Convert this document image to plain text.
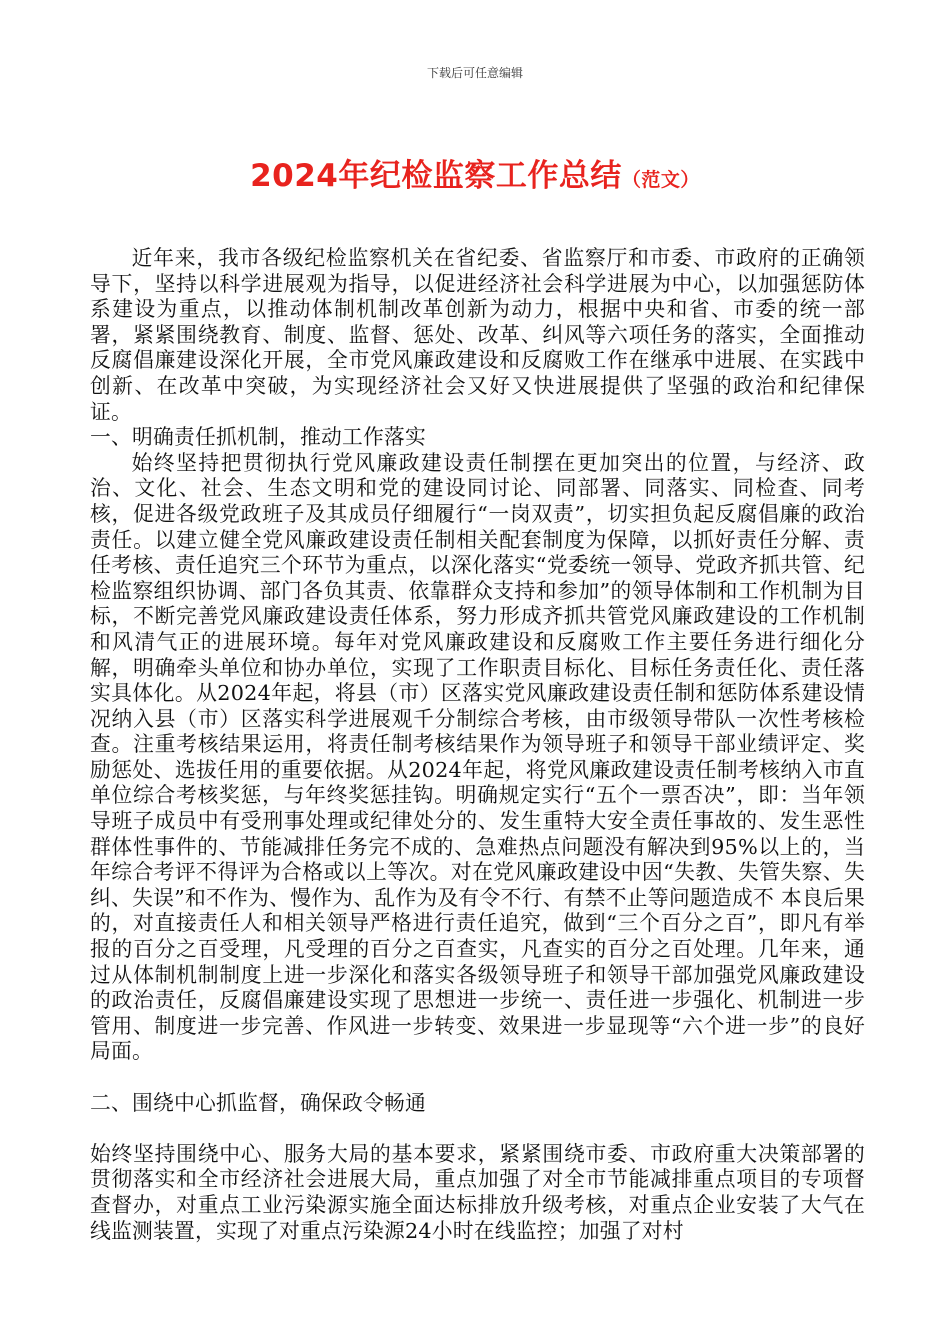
下载后可任意编辑
2024年纪检监察工作总结（范文）

近年来，我市各级纪检监察机关在省纪委、省监察厅和市委、市政府的正确领导下，坚持以科学进展观为指导，以促进经济社会科学进展为中心，以加强惩防体系建设为重点，以推动体制机制改革创新为动力，根据中央和省、市委的统一部署，紧紧围绕教育、制度、监督、惩处、改革、纠风等六项任务的落实，全面推动反腐倡廉建设深化开展，全市党风廉政建设和反腐败工作在继承中进展、在实践中创新、在改革中突破，为实现经济社会又好又快进展提供了坚强的政治和纪律保证。

一、明确责任抓机制，推动工作落实

始终坚持把贯彻执行党风廉政建设责任制摆在更加突出的位置，与经济、政治、文化、社会、生态文明和党的建设同讨论、同部署、同落实、同检查、同考核，促进各级党政班子及其成员仔细履行“一岗双责”，切实担负起反腐倡廉的政治责任。以建立健全党风廉政建设责任制相关配套制度为保障，以抓好责任分解、责任考核、责任追究三个环节为重点，以深化落实“党委统一领导、党政齐抓共管、纪检监察组织协调、部门各负其责、依靠群众支持和参加”的领导体制和工作机制为目标，不断完善党风廉政建设责任体系，努力形成齐抓共管党风廉政建设的工作机制和风清气正的进展环境。每年对党风廉政建设和反腐败工作主要任务进行细化分解，明确牵头单位和协办单位，实现了工作职责目标化、目标任务责任化、责任落实具体化。从2024年起，将县（市）区落实党风廉政建设责任制和惩防体系建设情况纳入县（市）区落实科学进展观千分制综合考核，由市级领导带队一次性考核检查。注重考核结果运用，将责任制考核结果作为领导班子和领导干部业绩评定、奖励惩处、选拔任用的重要依据。从2024年起，将党风廉政建设责任制考核纳入市直单位综合考核奖惩，与年终奖惩挂钩。明确规定实行“五个一票否决”，即：当年领导班子成员中有受刑事处理或纪律处分的、发生重特大安全责任事故的、发生恶性群体性事件的、节能减排任务完不成的、急难热点问题没有解决到95%以上的，当年综合考评不得评为合格或以上等次。对在党风廉政建设中因“失教、失管失察、失纠、失误”和不作为、慢作为、乱作为及有令不行、有禁不止等问题造成不 本良后果的，对直接责任人和相关领导严格进行责任追究，做到“三个百分之百”，即凡有举报的百分之百受理，凡受理的百分之百查实，凡查实的百分之百处理。几年来，通过从体制机制制度上进一步深化和落实各级领导班子和领导干部加强党风廉政建设的政治责任，反腐倡廉建设实现了思想进一步统一、责任进一步强化、机制进一步管用、制度进一步完善、作风进一步转变、效果进一步显现等“六个进一步”的良好局面。

二、围绕中心抓监督，确保政令畅通

始终坚持围绕中心、服务大局的基本要求，紧紧围绕市委、市政府重大决策部署的贯彻落实和全市经济社会进展大局，重点加强了对全市节能减排重点项目的专项督查督办，对重点工业污染源实施全面达标排放升级考核，对重点企业安装了大气在线监测装置，实现了对重点污染源24小时在线监控；加强了对村
